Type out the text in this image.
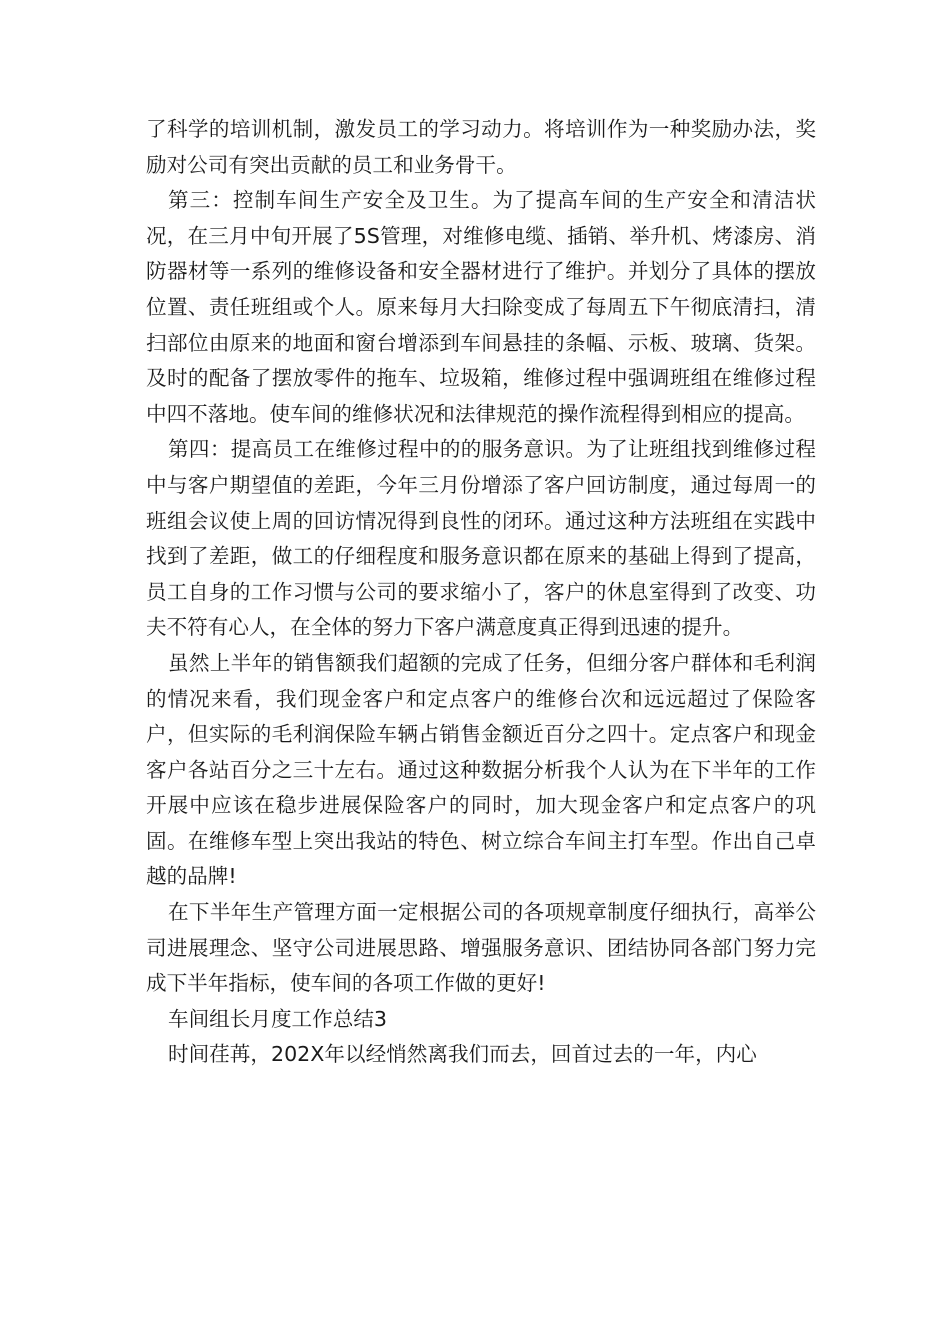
了科学的培训机制，激发员工的学习动力。将培训作为一种奖励办法，奖励对公司有突出贡献的员工和业务骨干。

第三：控制车间生产安全及卫生。为了提高车间的生产安全和清洁状况，在三月中旬开展了5S管理，对维修电缆、插销、举升机、烤漆房、消防器材等一系列的维修设备和安全器材进行了维护。并划分了具体的摆放位置、责任班组或个人。原来每月大扫除变成了每周五下午彻底清扫，清扫部位由原来的地面和窗台增添到车间悬挂的条幅、示板、玻璃、货架。及时的配备了摆放零件的拖车、垃圾箱，维修过程中强调班组在维修过程中四不落地。使车间的维修状况和法律规范的操作流程得到相应的提高。

第四：提高员工在维修过程中的的服务意识。为了让班组找到维修过程中与客户期望值的差距，今年三月份增添了客户回访制度，通过每周一的班组会议使上周的回访情况得到良性的闭环。通过这种方法班组在实践中找到了差距，做工的仔细程度和服务意识都在原来的基础上得到了提高，员工自身的工作习惯与公司的要求缩小了，客户的休息室得到了改变、功夫不符有心人，在全体的努力下客户满意度真正得到迅速的提升。

虽然上半年的销售额我们超额的完成了任务，但细分客户群体和毛利润的情况来看，我们现金客户和定点客户的维修台次和远远超过了保险客户，但实际的毛利润保险车辆占销售金额近百分之四十。定点客户和现金客户各站百分之三十左右。通过这种数据分析我个人认为在下半年的工作开展中应该在稳步进展保险客户的同时，加大现金客户和定点客户的巩固。在维修车型上突出我站的特色、树立综合车间主打车型。作出自己卓越的品牌!

在下半年生产管理方面一定根据公司的各项规章制度仔细执行，高举公司进展理念、坚守公司进展思路、增强服务意识、团结协同各部门努力完成下半年指标，使车间的各项工作做的更好!

车间组长月度工作总结3

时间荏苒，202X年以经悄然离我们而去，回首过去的一年，内心
